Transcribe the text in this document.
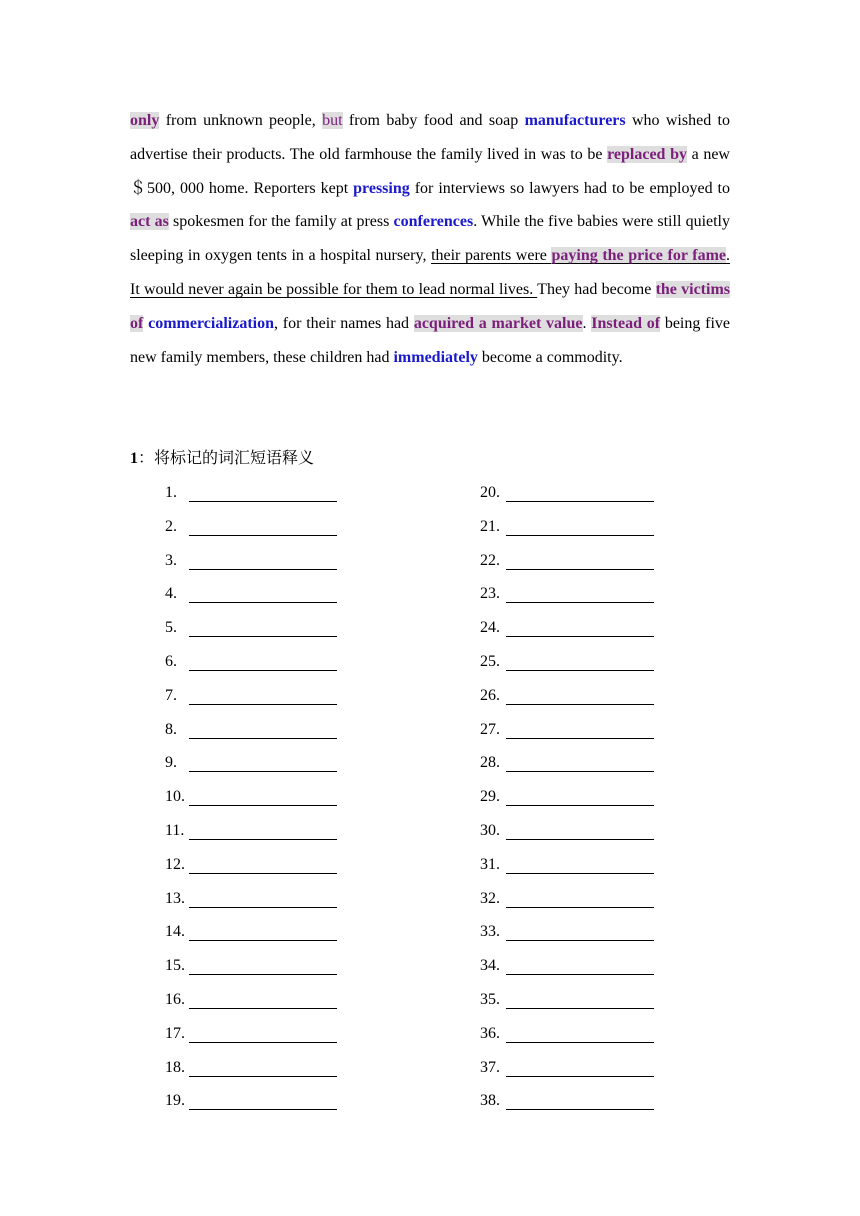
only from unknown people, but from baby food and soap manufacturers who wished to advertise their products. The old farmhouse the family lived in was to be replaced by a new ＄500, 000 home. Reporters kept pressing for interviews so lawyers had to be employed to act as spokesmen for the family at press conferences. While the five babies were still quietly sleeping in oxygen tents in a hospital nursery, their parents were paying the price for fame. It would never again be possible for them to lead normal lives. They had become the victims of commercialization, for their names had acquired a market value. Instead of being five new family members, these children had immediately become a commodity.
1：将标记的词汇短语释义
1.
2.
3.
4.
5.
6.
7.
8.
9.
10.
11.
12.
13.
14.
15.
16.
17.
18.
19.
20.
21.
22.
23.
24.
25.
26.
27.
28.
29.
30.
31.
32.
33.
34.
35.
36.
37.
38.
